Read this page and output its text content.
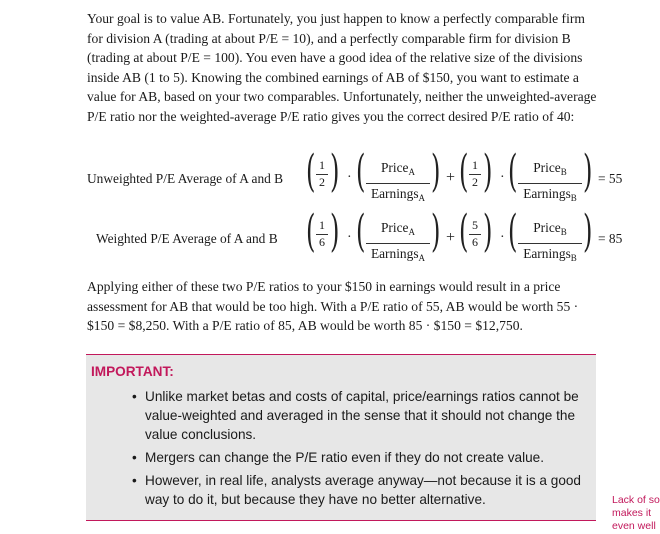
Your goal is to value AB. Fortunately, you just happen to know a perfectly comparable firm for division A (trading at about P/E = 10), and a perfectly comparable firm for division B (trading at about P/E = 100). You even have a good idea of the relative size of the divisions inside AB (1 to 5). Knowing the combined earnings of AB of $150, you want to estimate a value for AB, based on your two comparables. Unfortunately, neither the unweighted-average P/E ratio nor the weighted-average P/E ratio gives you the correct desired P/E ratio of 40:

Unweighted P/E Average of A and B ( 1
2 ) · (	Price$_A$
Earnings$_A$
) + ( 1
2 ) · (	Price$_B$
Earnings$_B$
) = 55
Weighted P/E Average of A and B ( 1
6 ) · (	Price$_A$
Earnings$_A$
) + ( 5
6 ) · (	Price$_B$
Earnings$_B$
) = 85

Applying either of these two P/E ratios to your $150 in earnings would result in a price assessment for AB that would be too high. With a P/E ratio of 55, AB would be worth 55 · $150 = $8,250. With a P/E ratio of 85, AB would be worth 85 · $150 = $12,750.

IMPORTANT:
• Unlike market betas and costs of capital, price/earnings ratios cannot be value-weighted and averaged in the sense that it should not change the value conclusions.
• Mergers can change the P/E ratio even if they do not create value.
• However, in real life, analysts average anyway—not because it is a good way to do it, but because they have no better alternative.	Lack of so
makes it
even well
